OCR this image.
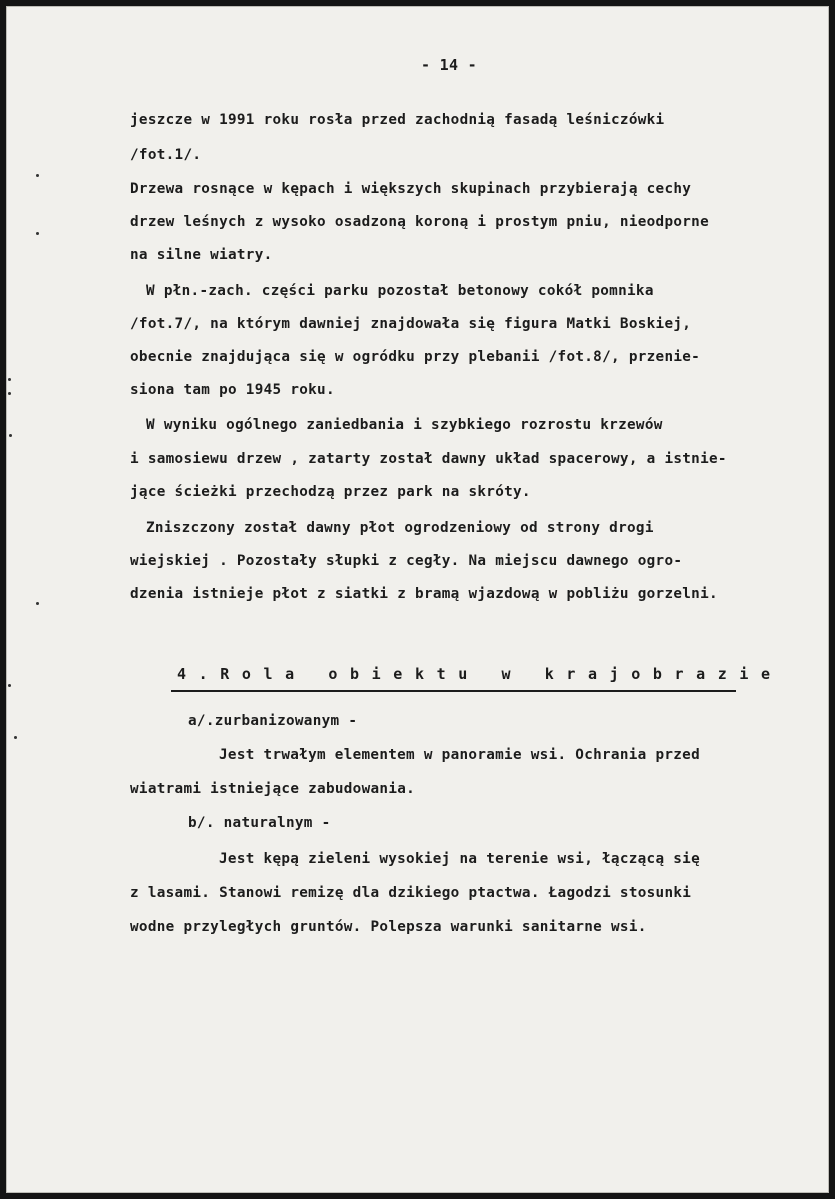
- 14 -
jeszcze w 1991 roku rosła przed zachodnią fasadą leśniczówki
/fot.1/.
Drzewa rosnące w kępach i większych skupinach przybierają cechy
drzew leśnych z wysoko osadzoną koroną i prostym pniu, nieodporne
na silne wiatry.
W płn.-zach. części parku pozostał betonowy cokół pomnika
/fot.7/, na którym dawniej znajdowała się figura Matki Boskiej,
obecnie znajdująca się w ogródku przy plebanii /fot.8/, przenie-
siona tam po 1945 roku.
W wyniku ogólnego zaniedbania i szybkiego rozrostu krzewów
i samosiewu drzew , zatarty został dawny układ spacerowy, a istnie-
jące ścieżki przechodzą przez park na skróty.
Zniszczony został dawny płot ogrodzeniowy od strony drogi
wiejskiej . Pozostały słupki z cegły. Na miejscu dawnego ogro-
dzenia istnieje płot z siatki z bramą wjazdową w pobliżu gorzelni.
4.Rola obiektu w krajobrazie
a/.zurbanizowanym -
Jest trwałym elementem w panoramie wsi. Ochrania przed
wiatrami istniejące zabudowania.
b/. naturalnym -
Jest kępą zieleni wysokiej na terenie wsi, łączącą się
z lasami. Stanowi remizę dla dzikiego ptactwa. Łagodzi stosunki
wodne przyległych gruntów. Polepsza warunki sanitarne wsi.
